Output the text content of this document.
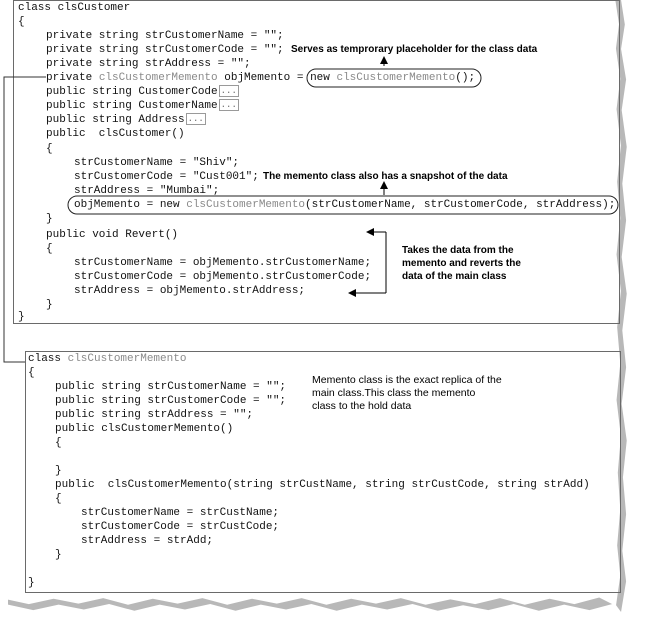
class clsCustomer
{
private string strCustomerName = "";
private string strCustomerCode = "";
private string strAddress = "";
private clsCustomerMemento objMemento = new clsCustomerMemento();
public string CustomerCode ...
public string CustomerName ...
public string Address ...
public  clsCustomer()
{
strCustomerName = "Shiv";
strCustomerCode = "Cust001";
strAddress = "Mumbai";
objMemento = new clsCustomerMemento(strCustomerName, strCustomerCode, strAddress);
}
public void Revert()
{
strCustomerName = objMemento.strCustomerName;
strCustomerCode = objMemento.strCustomerCode;
strAddress = objMemento.strAddress;
}
}
class clsCustomerMemento
{
public string strCustomerName = "";
public string strCustomerCode = "";
public string strAddress = "";
public clsCustomerMemento()
{
}
public  clsCustomerMemento(string strCustName, string strCustCode, string strAdd)
{
strCustomerName = strCustName;
strCustomerCode = strCustCode;
strAddress = strAdd;
}
}
Serves as temprorary placeholder for the class data
The memento class also has a snapshot of the data
Takes the data from the
memento and reverts the
data of the main class
Memento class is the exact replica of the
main class.This class the memento
class to the hold data
